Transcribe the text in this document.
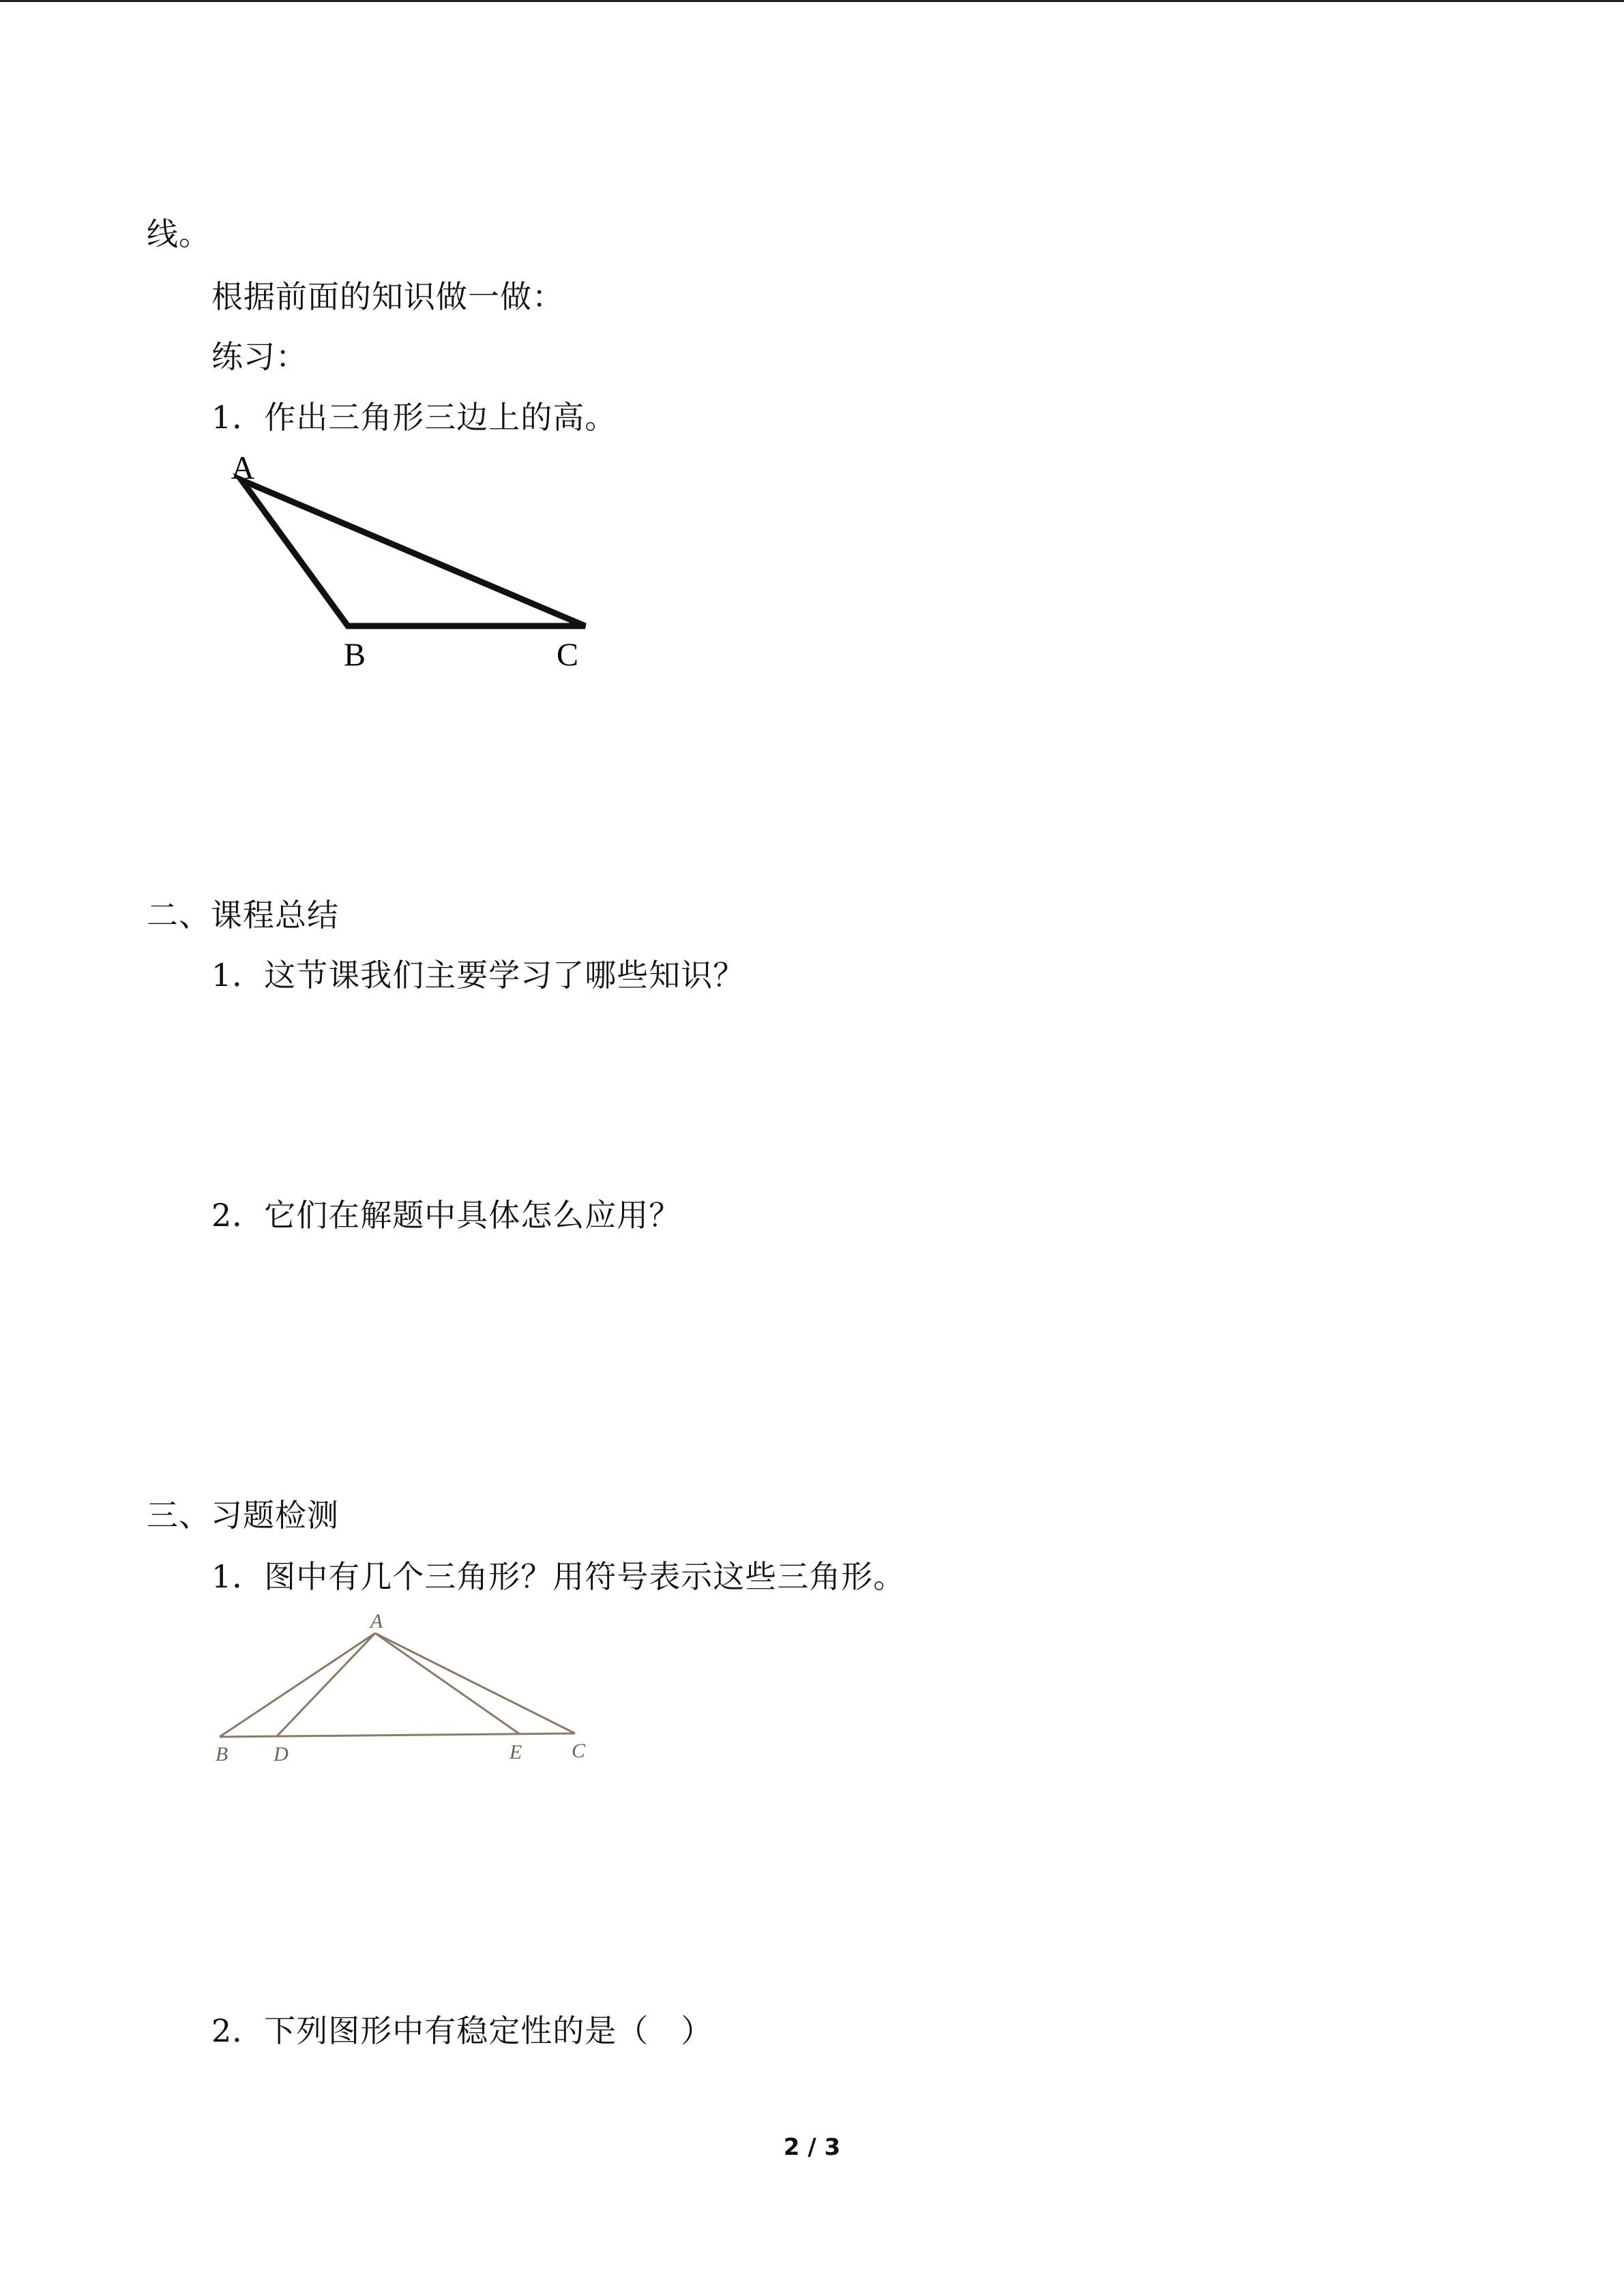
线。
根据前面的知识做一做：
练习：
1．作出三角形三边上的高。
A
B	C
二、课程总结
1．这节课我们主要学习了哪些知识？
2．它们在解题中具体怎么应用？
三、习题检测
1．图中有几个三角形？用符号表示这些三角形。
A
B D	E C
2．下列图形中有稳定性的是（　）
2 / 3
